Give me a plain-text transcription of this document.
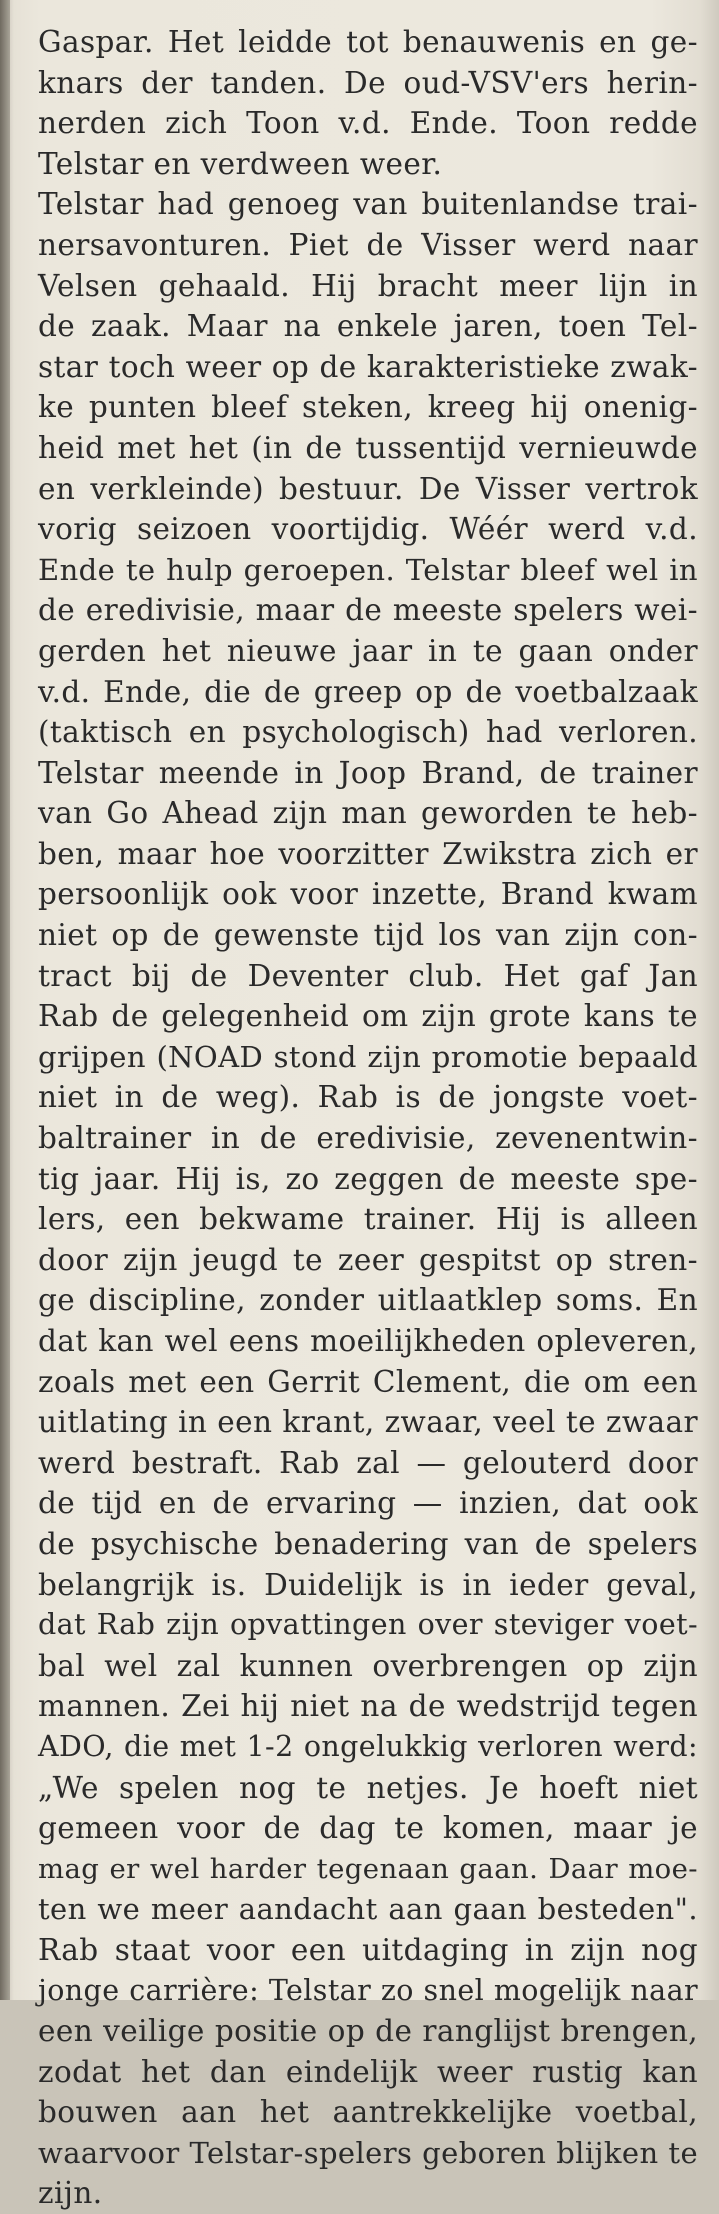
Gaspar. Het leidde tot benauwenis en ge-
knars der tanden. De oud-VSV'ers herin-
nerden zich Toon v.d. Ende. Toon redde
Telstar en verdween weer.
Telstar had genoeg van buitenlandse trai-
nersavonturen. Piet de Visser werd naar
Velsen gehaald. Hij bracht meer lijn in
de zaak. Maar na enkele jaren, toen Tel-
star toch weer op de karakteristieke zwak-
ke punten bleef steken, kreeg hij onenig-
heid met het (in de tussentijd vernieuwde
en verkleinde) bestuur. De Visser vertrok
vorig seizoen voortijdig. Wéér werd v.d.
Ende te hulp geroepen. Telstar bleef wel in
de eredivisie, maar de meeste spelers wei-
gerden het nieuwe jaar in te gaan onder
v.d. Ende, die de greep op de voetbalzaak
(taktisch en psychologisch) had verloren.
Telstar meende in Joop Brand, de trainer
van Go Ahead zijn man geworden te heb-
ben, maar hoe voorzitter Zwikstra zich er
persoonlijk ook voor inzette, Brand kwam
niet op de gewenste tijd los van zijn con-
tract bij de Deventer club. Het gaf Jan
Rab de gelegenheid om zijn grote kans te
grijpen (NOAD stond zijn promotie bepaald
niet in de weg). Rab is de jongste voet-
baltrainer in de eredivisie, zevenentwin-
tig jaar. Hij is, zo zeggen de meeste spe-
lers, een bekwame trainer. Hij is alleen
door zijn jeugd te zeer gespitst op stren-
ge discipline, zonder uitlaatklep soms. En
dat kan wel eens moeilijkheden opleveren,
zoals met een Gerrit Clement, die om een
uitlating in een krant, zwaar, veel te zwaar
werd bestraft. Rab zal — gelouterd door
de tijd en de ervaring — inzien, dat ook
de psychische benadering van de spelers
belangrijk is. Duidelijk is in ieder geval,
dat Rab zijn opvattingen over steviger voet-
bal wel zal kunnen overbrengen op zijn
mannen. Zei hij niet na de wedstrijd tegen
ADO, die met 1-2 ongelukkig verloren werd:
„We spelen nog te netjes. Je hoeft niet
gemeen voor de dag te komen, maar je
mag er wel harder tegenaan gaan. Daar moe-
ten we meer aandacht aan gaan besteden".
Rab staat voor een uitdaging in zijn nog
jonge carrière: Telstar zo snel mogelijk naar
een veilige positie op de ranglijst brengen,
zodat het dan eindelijk weer rustig kan
bouwen aan het aantrekkelijke voetbal,
waarvoor Telstar-spelers geboren blijken te
zijn.
